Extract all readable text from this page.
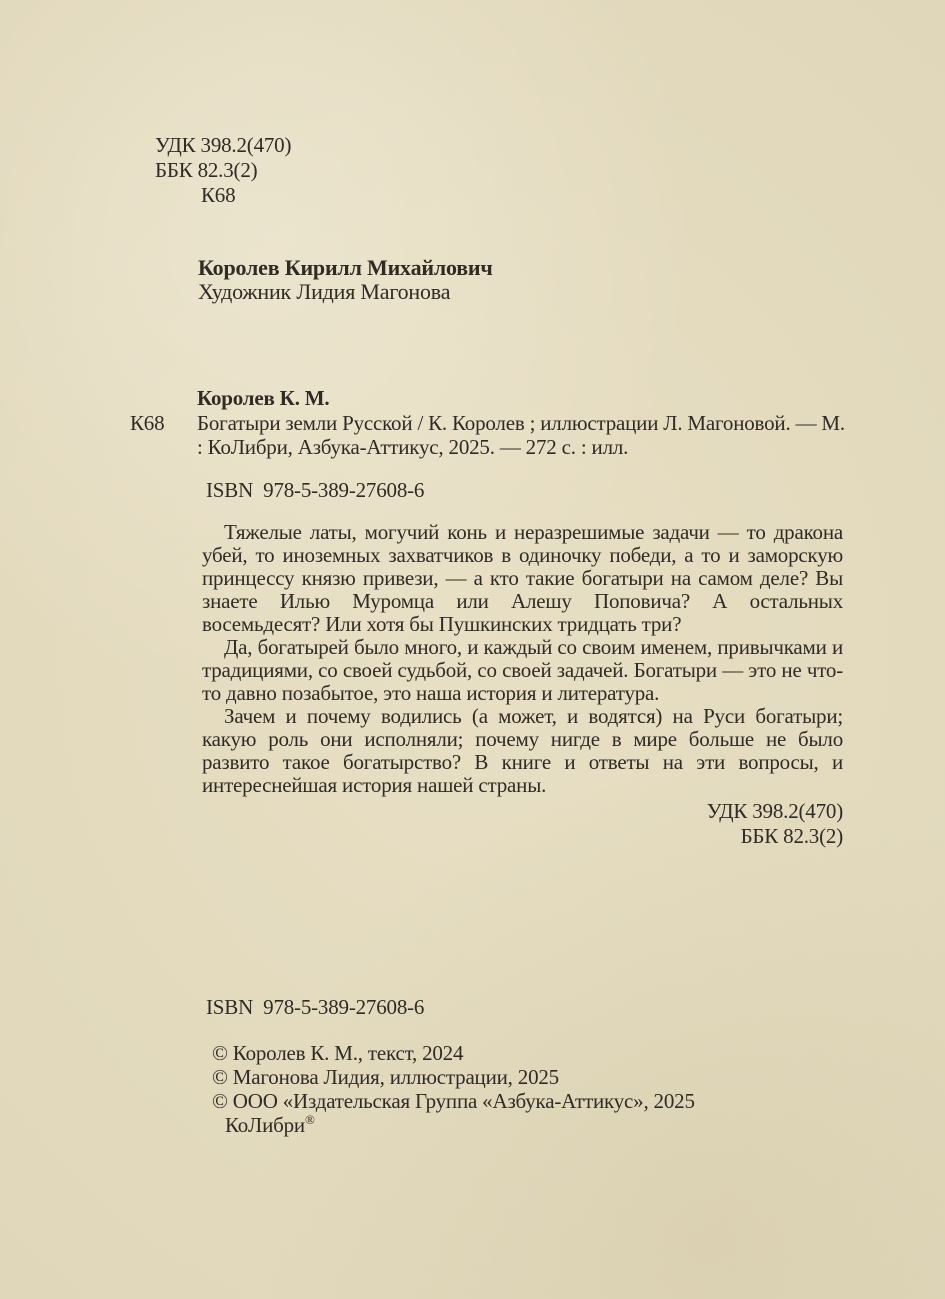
УДК 398.2(470)
ББК 82.3(2)
К68
Королев Кирилл Михайлович
Художник Лидия Магонова
Королев К. М.
К68 Богатыри земли Русской / К. Королев ; иллюстрации Л. Магоновой. — М. : КоЛибри, Азбука-Аттикус, 2025. — 272 с. : илл.
ISBN  978-5-389-27608-6

Тяжелые латы, могучий конь и неразрешимые задачи — то дракона убей, то иноземных захватчиков в одиночку победи, а то и заморскую принцессу князю привези, — а кто такие богатыри на самом деле? Вы знаете Илью Муромца или Алешу Поповича? А остальных восемьдесят? Или хотя бы Пушкинских тридцать три?

Да, богатырей было много, и каждый со своим именем, привычками и традициями, со своей судьбой, со своей задачей. Богатыри — это не что-то давно позабытое, это наша история и литература.

Зачем и почему водились (а может, и водятся) на Руси богатыри; какую роль они исполняли; почему нигде в мире больше не было развито такое богатырство? В книге и ответы на эти вопросы, и интереснейшая история нашей страны.

УДК 398.2(470)
ББК 82.3(2)
ISBN  978-5-389-27608-6
© Королев К. М., текст, 2024
© Магонова Лидия, иллюстрации, 2025
© ООО «Издательская Группа «Азбука-Аттикус», 2025
КоЛибри®
